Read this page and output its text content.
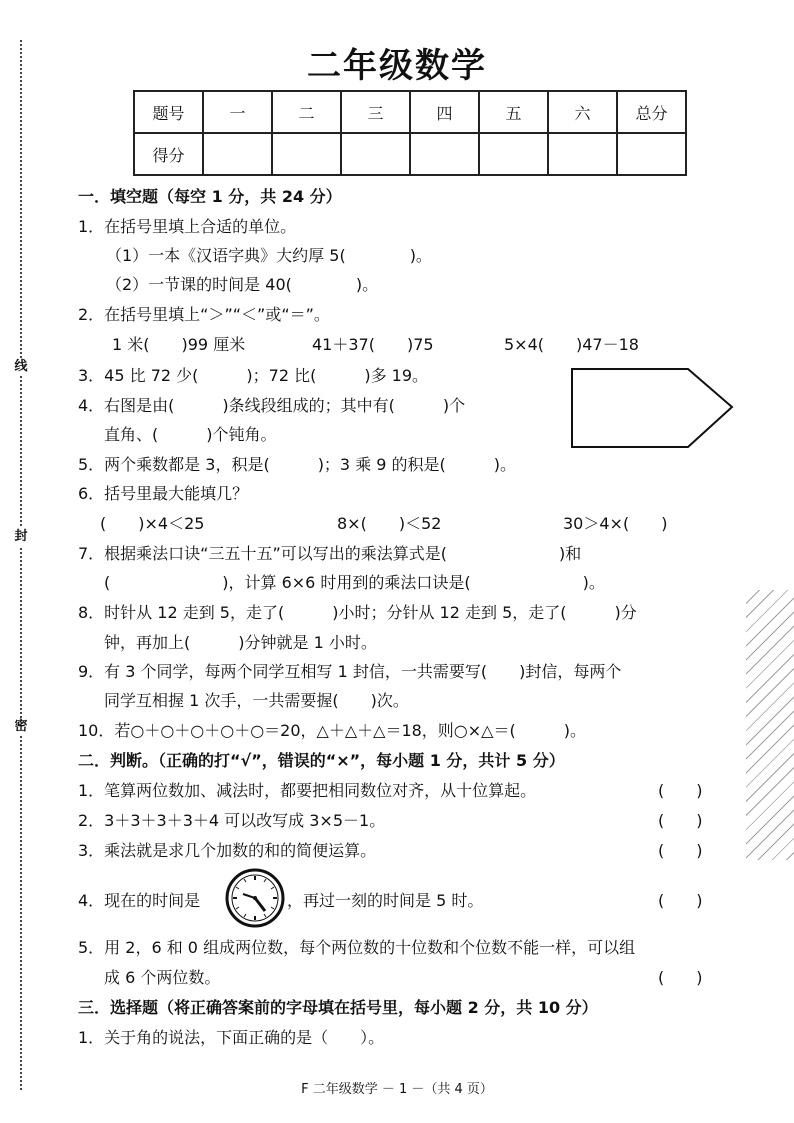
线
封
密
二年级数学
题号	一	二	三	四	五	六	总分
得分							
一．填空题（每空 1 分，共 24 分）
1．在括号里填上合适的单位。
（1）一本《汉语字典》大约厚 5(　　　　)。
（2）一节课的时间是 40(　　　　)。
2．在括号里填上“＞”“＜”或“＝”。
1 米(　　)99 厘米	41＋37(　　)75	5×4(　　)47－18
3．45 比 72 少(　　　)；72 比(　　　)多 19。
4．右图是由(　　　)条线段组成的；其中有(　　　)个
直角、(　　　)个钝角。
5．两个乘数都是 3，积是(　　　)；3 乘 9 的积是(　　　)。
6．括号里最大能填几？
(　　)×4＜25	8×(　　)＜52	30＞4×(　　)
7．根据乘法口诀“三五十五”可以写出的乘法算式是(　　　　　　　)和
(　　　　　　　)，计算 6×6 时用到的乘法口诀是(　　　　　　　)。
8．时针从 12 走到 5，走了(　　　)小时；分针从 12 走到 5，走了(　　　)分
钟，再加上(　　　)分钟就是 1 小时。
9．有 3 个同学，每两个同学互相写 1 封信，一共需要写(　　)封信，每两个
同学互相握 1 次手，一共需要握(　　)次。
10．若○＋○＋○＋○＋○＝20，△＋△＋△＝18，则○×△＝(　　　)。
二．判断。（正确的打“√”，错误的“×”，每小题 1 分，共计 5 分）
1．笔算两位数加、减法时，都要把相同数位对齐，从十位算起。	(　　)
2．3＋3＋3＋3＋4 可以改写成 3×5－1。	(　　)
3．乘法就是求几个加数的和的简便运算。	(　　)
4．现在的时间是	，再过一刻的时间是 5 时。	(　　)
5．用 2，6 和 0 组成两位数，每个两位数的十位数和个位数不能一样，可以组
成 6 个两位数。	(　　)
三．选择题（将正确答案前的字母填在括号里，每小题 2 分，共 10 分）
1．关于角的说法，下面正确的是（　　）。
F 二年级数学 － 1 －（共 4 页）
